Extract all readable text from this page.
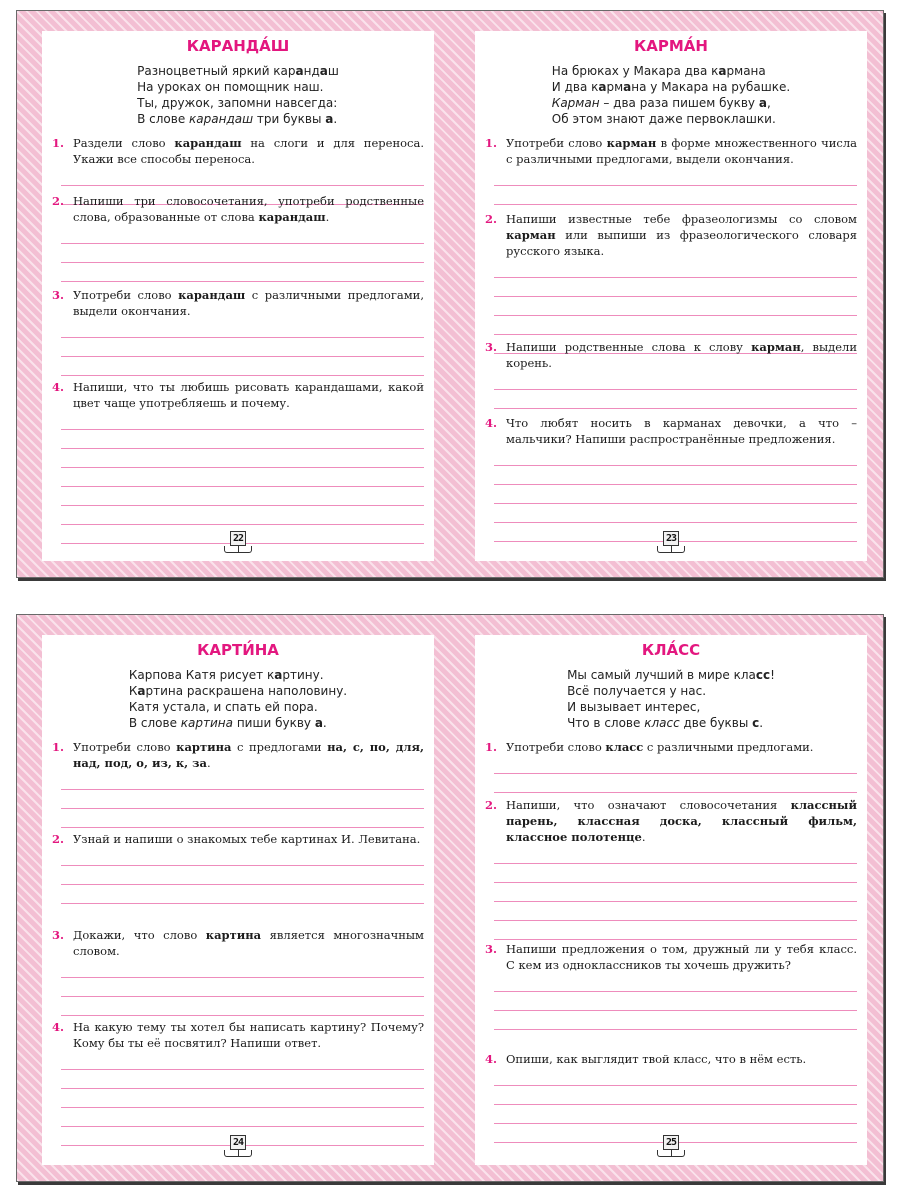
КАРАНДА́Ш
Разноцветный яркий карандаш
На уроках он помощник наш.
Ты, дружок, запомни навсегда:
В слове карандаш три буквы а.
1. Раздели слово карандаш на слоги и для переноса. Укажи все способы переноса.
2. Напиши три словосочетания, употреби родственные слова, образованные от слова карандаш.
3. Употреби слово карандаш с различными предлогами, выдели окончания.
4. Напиши, что ты любишь рисовать карандашами, какой цвет чаще употребляешь и почему.
22
КАРМА́Н
На брюках у Макара два кармана
И два кармана у Макара на рубашке.
Карман – два раза пишем букву а,
Об этом знают даже первоклашки.
1. Употреби слово карман в форме множественного числа с различными предлогами, выдели окончания.
2. Напиши известные тебе фразеологизмы со словом карман или выпиши из фразеологического словаря русского языка.
3. Напиши родственные слова к слову карман, выдели корень.
4. Что любят носить в карманах девочки, а что – мальчики? Напиши распространённые предложения.
23
КАРТИ́НА
Карпова Катя рисует картину.
Картина раскрашена наполовину.
Катя устала, и спать ей пора.
В слове картина пиши букву а.
1. Употреби слово картина с предлогами на, с, по, для, над, под, о, из, к, за.
2. Узнай и напиши о знакомых тебе картинах И. Левитана.
3. Докажи, что слово картина является многозначным словом.
4. На какую тему ты хотел бы написать картину? Почему? Кому бы ты её посвятил? Напиши ответ.
24
КЛА́СС
Мы самый лучший в мире класс!
Всё получается у нас.
И вызывает интерес,
Что в слове класс две буквы с.
1. Употреби слово класс с различными предлогами.
2. Напиши, что означают словосочетания классный парень, классная доска, классный фильм, классное полотенце.
3. Напиши предложения о том, дружный ли у тебя класс. С кем из одноклассников ты хочешь дружить?
4. Опиши, как выглядит твой класс, что в нём есть.
25
